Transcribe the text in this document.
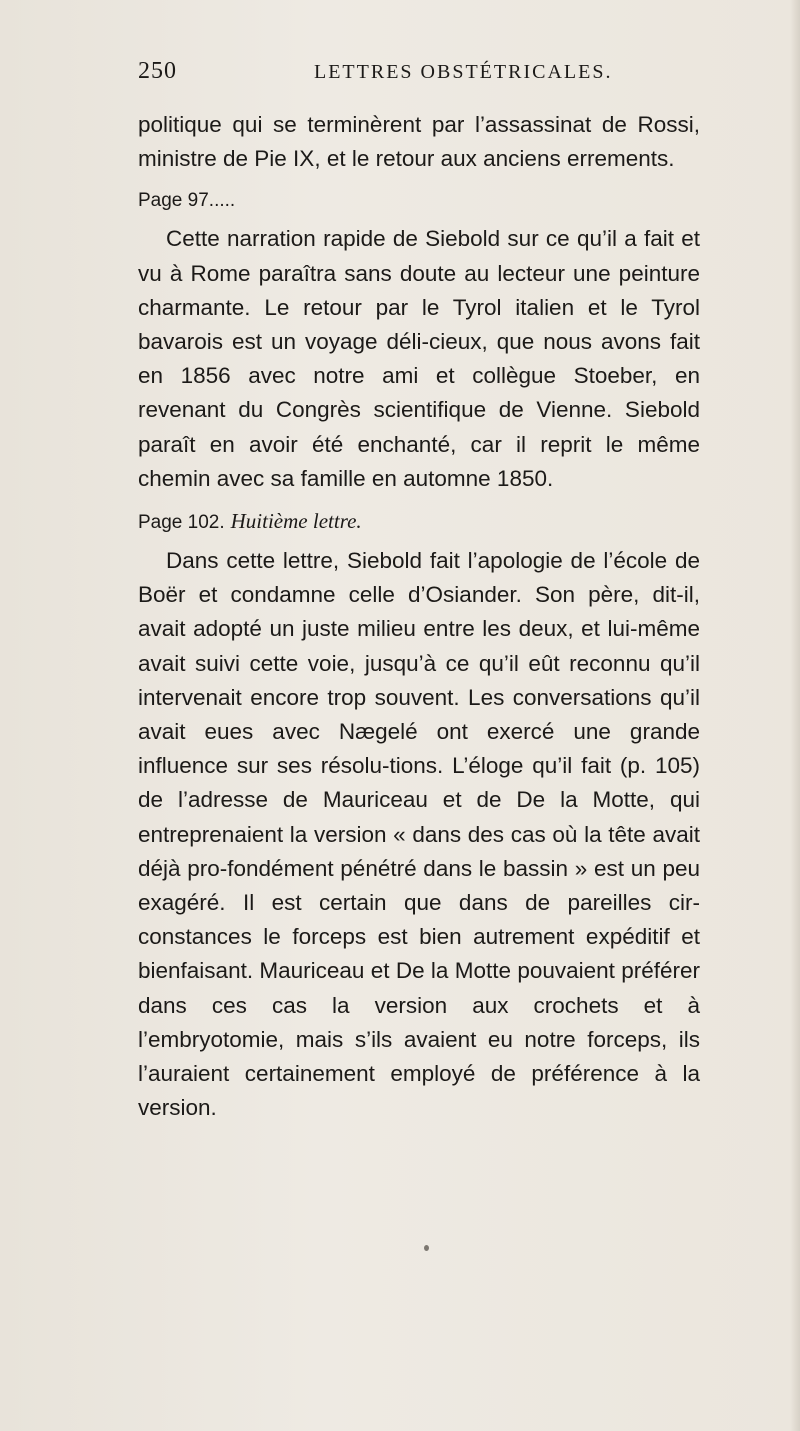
250	LETTRES OBSTÉTRICALES.

politique qui se terminèrent par l’assassinat de Rossi, ministre de Pie IX, et le retour aux anciens errements.

Page 97.....

Cette narration rapide de Siebold sur ce qu’il a fait et vu à Rome paraîtra sans doute au lecteur une peinture charmante. Le retour par le Tyrol italien et le Tyrol bavarois est un voyage déli-cieux, que nous avons fait en 1856 avec notre ami et collègue Stoeber, en revenant du Congrès scientifique de Vienne. Siebold paraît en avoir été enchanté, car il reprit le même chemin avec sa famille en automne 1850.

Page 102. Huitième lettre.

Dans cette lettre, Siebold fait l’apologie de l’école de Boër et condamne celle d’Osiander. Son père, dit-il, avait adopté un juste milieu entre les deux, et lui-même avait suivi cette voie, jusqu’à ce qu’il eût reconnu qu’il intervenait encore trop souvent. Les conversations qu’il avait eues avec Nægelé ont exercé une grande influence sur ses résolu-tions. L’éloge qu’il fait (p. 105) de l’adresse de Mauriceau et de De la Motte, qui entreprenaient la version « dans des cas où la tête avait déjà pro-fondément pénétré dans le bassin » est un peu exagéré. Il est certain que dans de pareilles cir-constances le forceps est bien autrement expéditif et bienfaisant. Mauriceau et De la Motte pouvaient préférer dans ces cas la version aux crochets et à l’embryotomie, mais s’ils avaient eu notre forceps, ils l’auraient certainement employé de préférence à la version.
